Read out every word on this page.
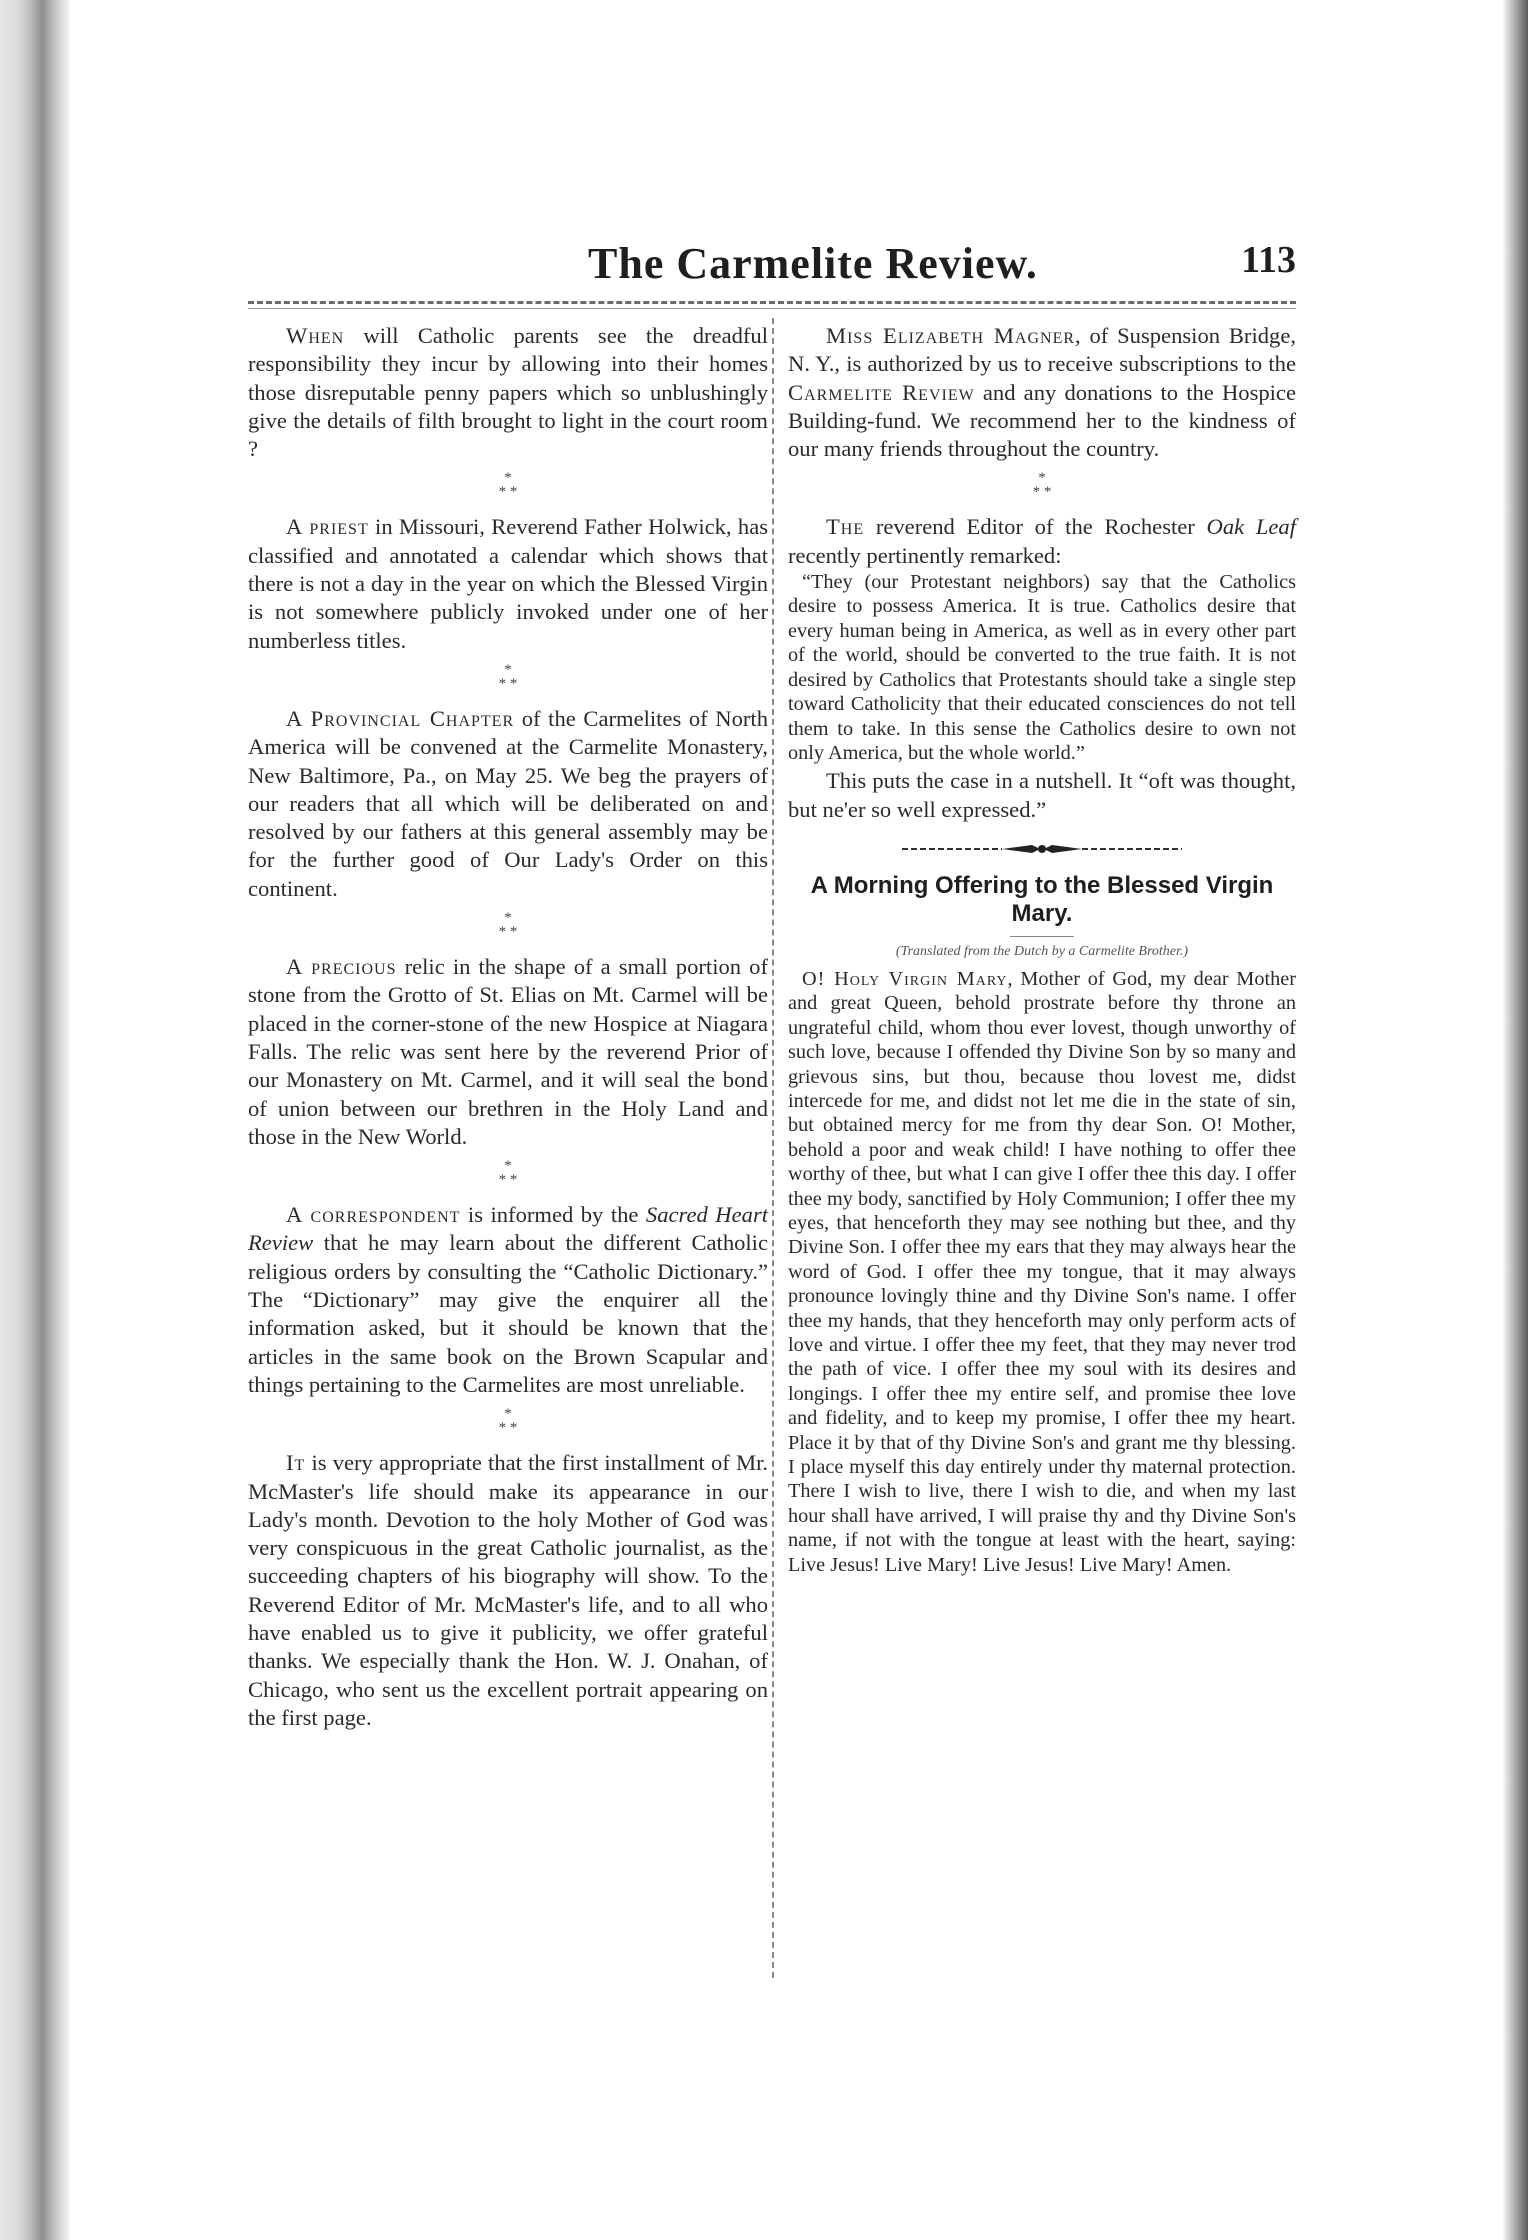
The Carmelite Review.	113

When will Catholic parents see the dreadful responsibility they incur by allowing into their homes those disreputable penny papers which so unblushingly give the details of filth brought to light in the court room ?

*
* *

A priest in Missouri, Reverend Father Holwick, has classified and annotated a calendar which shows that there is not a day in the year on which the Blessed Virgin is not somewhere publicly invoked under one of her numberless titles.

*
* *

A Provincial Chapter of the Carmelites of North America will be convened at the Carmelite Monastery, New Baltimore, Pa., on May 25. We beg the prayers of our readers that all which will be deliberated on and resolved by our fathers at this general assembly may be for the further good of Our Lady's Order on this continent.

*
* *

A precious relic in the shape of a small portion of stone from the Grotto of St. Elias on Mt. Carmel will be placed in the corner-stone of the new Hospice at Niagara Falls. The relic was sent here by the reverend Prior of our Monastery on Mt. Carmel, and it will seal the bond of union between our brethren in the Holy Land and those in the New World.

*
* *

A correspondent is informed by the Sacred Heart Review that he may learn about the different Catholic religious orders by consulting the “Catholic Dictionary.” The “Dictionary” may give the enquirer all the information asked, but it should be known that the articles in the same book on the Brown Scapular and things pertaining to the Carmelites are most unreliable.

*
* *

It is very appropriate that the first installment of Mr. McMaster's life should make its appearance in our Lady's month. Devotion to the holy Mother of God was very conspicuous in the great Catholic journalist, as the succeeding chapters of his biography will show. To the Reverend Editor of Mr. McMaster's life, and to all who have enabled us to give it publicity, we offer grateful thanks. We especially thank the Hon. W. J. Onahan, of Chicago, who sent us the excellent portrait appearing on the first page.

Miss Elizabeth Magner, of Suspension Bridge, N. Y., is authorized by us to receive subscriptions to the Carmelite Review and any donations to the Hospice Building-fund. We recommend her to the kindness of our many friends throughout the country.

*
* *

The reverend Editor of the Rochester Oak Leaf recently pertinently remarked:

“They (our Protestant neighbors) say that the Catholics desire to possess America. It is true. Catholics desire that every human being in America, as well as in every other part of the world, should be converted to the true faith. It is not desired by Catholics that Protestants should take a single step toward Catholicity that their educated consciences do not tell them to take. In this sense the Catholics desire to own not only America, but the whole world.”

This puts the case in a nutshell. It “oft was thought, but ne'er so well expressed.”

A Morning Offering to the Blessed Virgin Mary.
(Translated from the Dutch by a Carmelite Brother.)

O! Holy Virgin Mary, Mother of God, my dear Mother and great Queen, behold prostrate before thy throne an ungrateful child, whom thou ever lovest, though unworthy of such love, because I offended thy Divine Son by so many and grievous sins, but thou, because thou lovest me, didst intercede for me, and didst not let me die in the state of sin, but obtained mercy for me from thy dear Son. O! Mother, behold a poor and weak child! I have nothing to offer thee worthy of thee, but what I can give I offer thee this day. I offer thee my body, sanctified by Holy Communion; I offer thee my eyes, that henceforth they may see nothing but thee, and thy Divine Son. I offer thee my ears that they may always hear the word of God. I offer thee my tongue, that it may always pronounce lovingly thine and thy Divine Son's name. I offer thee my hands, that they henceforth may only perform acts of love and virtue. I offer thee my feet, that they may never trod the path of vice. I offer thee my soul with its desires and longings. I offer thee my entire self, and promise thee love and fidelity, and to keep my promise, I offer thee my heart. Place it by that of thy Divine Son's and grant me thy blessing. I place myself this day entirely under thy maternal protection. There I wish to live, there I wish to die, and when my last hour shall have arrived, I will praise thy and thy Divine Son's name, if not with the tongue at least with the heart, saying: Live Jesus! Live Mary! Live Jesus! Live Mary! Amen.
